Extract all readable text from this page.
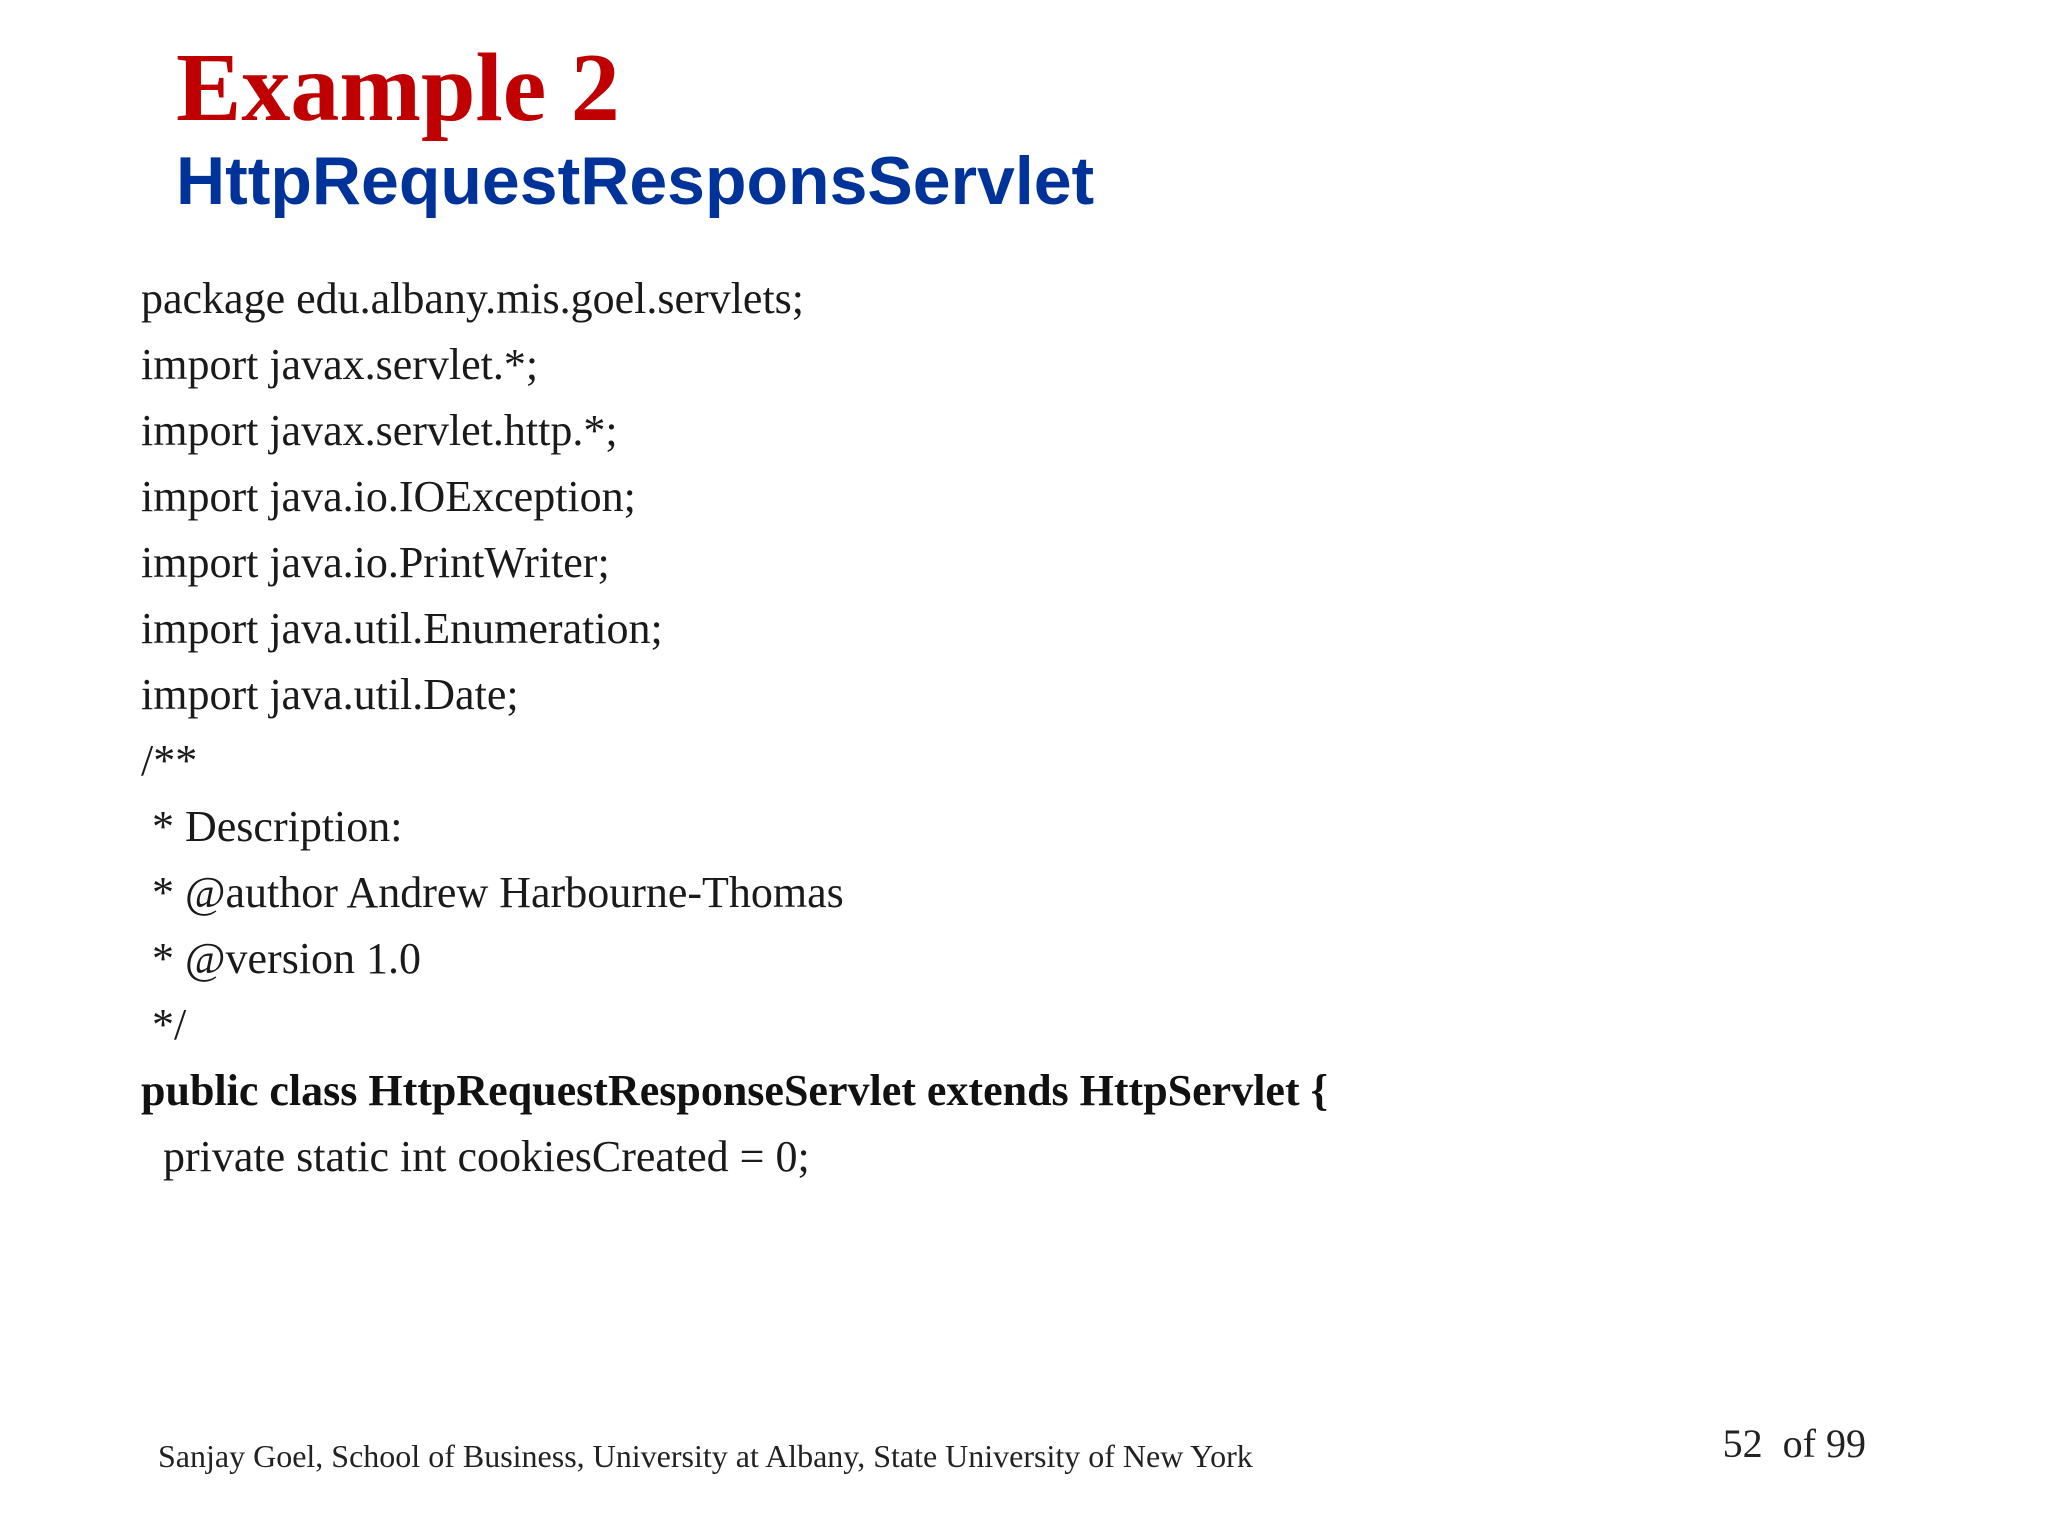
Example 2
HttpRequestResponsServlet
package edu.albany.mis.goel.servlets;
import javax.servlet.*;
import javax.servlet.http.*;
import java.io.IOException;
import java.io.PrintWriter;
import java.util.Enumeration;
import java.util.Date;
/**
* Description:
* @author Andrew Harbourne-Thomas
* @version 1.0
*/
public class HttpRequestResponseServlet extends HttpServlet {
private static int cookiesCreated = 0;
Sanjay Goel, School of Business, University at Albany, State University of New York	52  of 99
